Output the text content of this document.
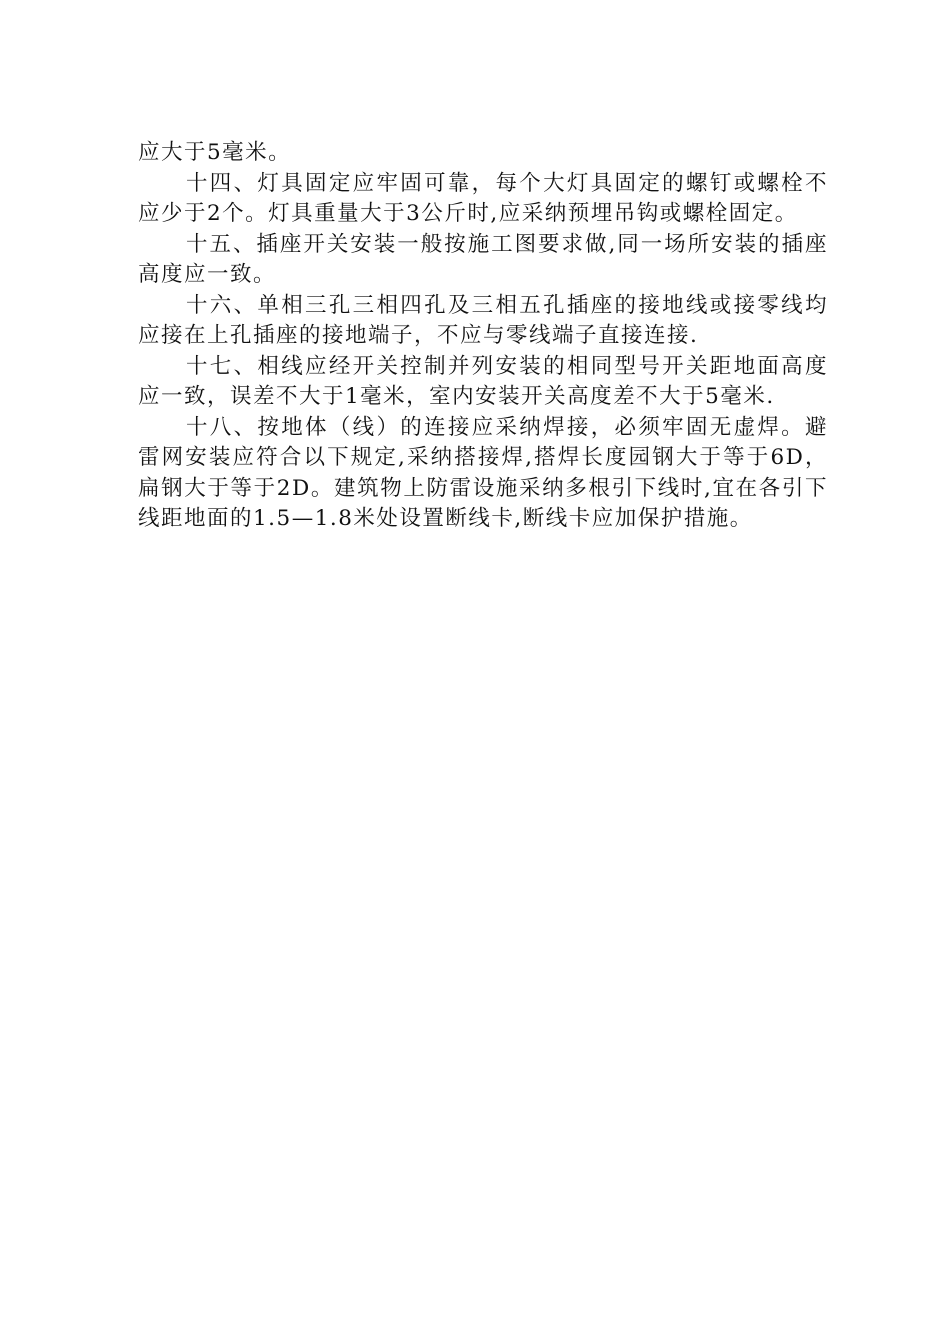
应大于5毫米。

十四、灯具固定应牢固可靠，每个大灯具固定的螺钉或螺栓不应少于2个。灯具重量大于3公斤时,应采纳预埋吊钩或螺栓固定。

十五、插座开关安装一般按施工图要求做,同一场所安装的插座高度应一致。

十六、单相三孔三相四孔及三相五孔插座的接地线或接零线均应接在上孔插座的接地端子，不应与零线端子直接连接.

十七、相线应经开关控制并列安装的相同型号开关距地面高度应一致，误差不大于1毫米，室内安装开关高度差不大于5毫米.

十八、按地体（线）的连接应采纳焊接，必须牢固无虚焊。避雷网安装应符合以下规定,采纳搭接焊,搭焊长度园钢大于等于6D，扁钢大于等于2D。建筑物上防雷设施采纳多根引下线时,宜在各引下线距地面的1.5—1.8米处设置断线卡,断线卡应加保护措施。
